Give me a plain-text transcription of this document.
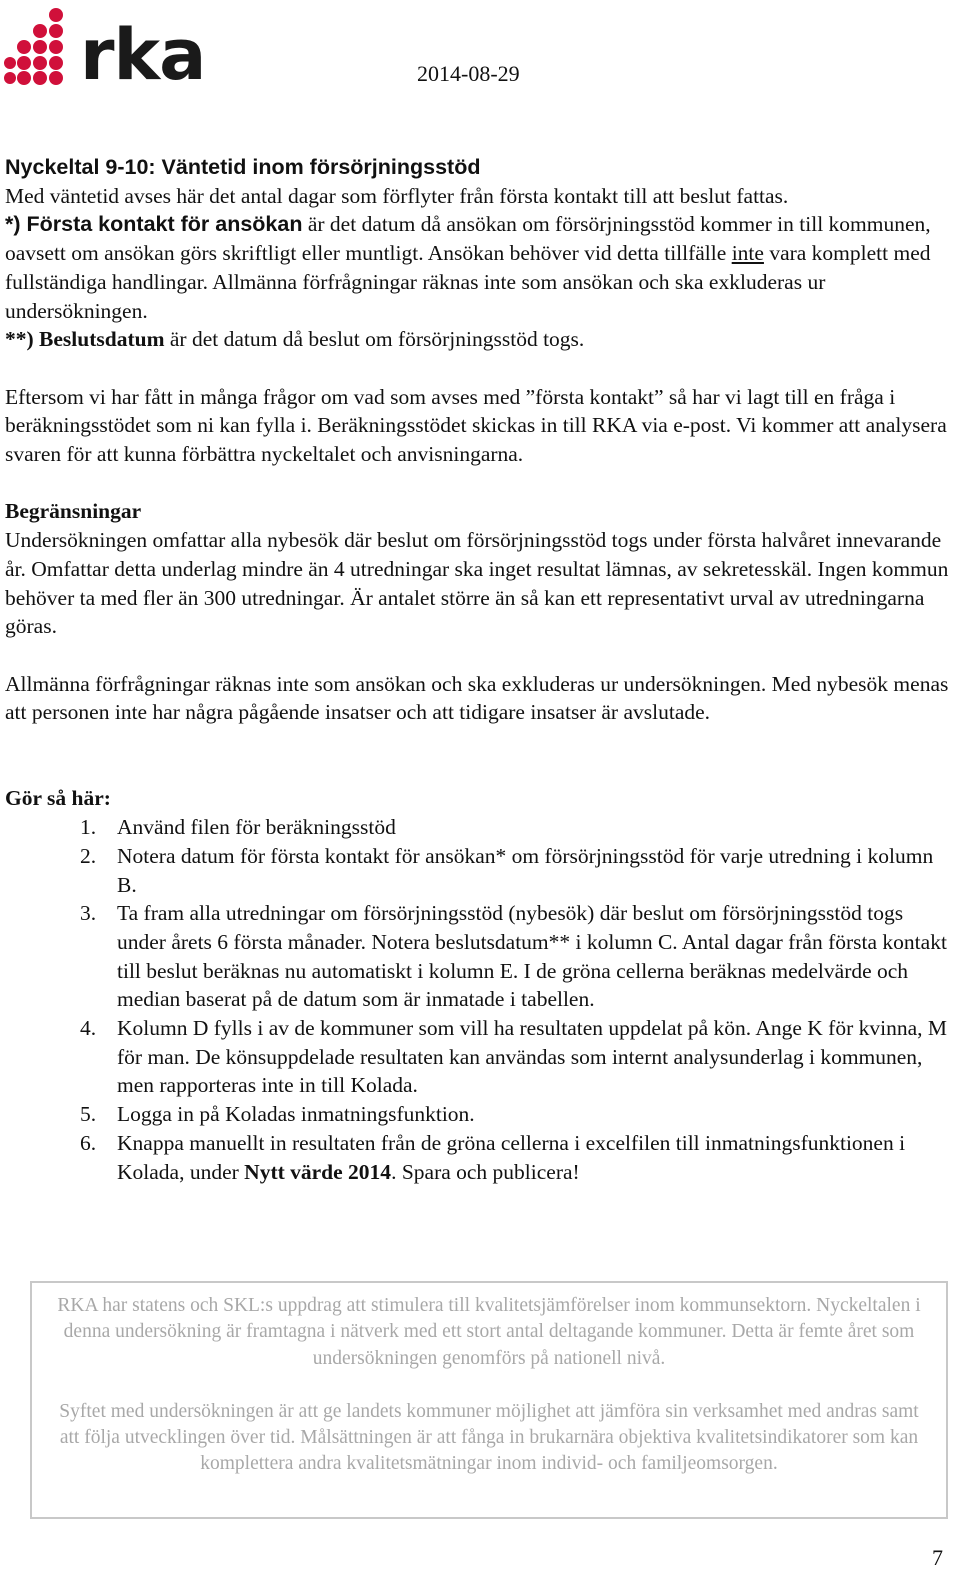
rka	2014-08-29

Nyckeltal 9-10: Väntetid inom försörjningsstöd

Med väntetid avses här det antal dagar som förflyter från första kontakt till att beslut fattas.

*) Första kontakt för ansökan är det datum då ansökan om försörjningsstöd kommer in till kommunen, oavsett om ansökan görs skriftligt eller muntligt. Ansökan behöver vid detta tillfälle inte vara komplett med fullständiga handlingar. Allmänna förfrågningar räknas inte som ansökan och ska exkluderas ur undersökningen.

**) Beslutsdatum är det datum då beslut om försörjningsstöd togs.

Eftersom vi har fått in många frågor om vad som avses med ”första kontakt” så har vi lagt till en fråga i beräkningsstödet som ni kan fylla i. Beräkningsstödet skickas in till RKA via e-post. Vi kommer att analysera svaren för att kunna förbättra nyckeltalet och anvisningarna.

Begränsningar

Undersökningen omfattar alla nybesök där beslut om försörjningsstöd togs under första halvåret innevarande år. Omfattar detta underlag mindre än 4 utredningar ska inget resultat lämnas, av sekretesskäl. Ingen kommun behöver ta med fler än 300 utredningar. Är antalet större än så kan ett representativt urval av utredningarna göras.

Allmänna förfrågningar räknas inte som ansökan och ska exkluderas ur undersökningen. Med nybesök menas att personen inte har några pågående insatser och att tidigare insatser är avslutade.

Gör så här:

1. Använd filen för beräkningsstöd
2. Notera datum för första kontakt för ansökan* om försörjningsstöd för varje utredning i kolumn B.
3. Ta fram alla utredningar om försörjningsstöd (nybesök) där beslut om försörjningsstöd togs under årets 6 första månader. Notera beslutsdatum** i kolumn C. Antal dagar från första kontakt till beslut beräknas nu automatiskt i kolumn E. I de gröna cellerna beräknas medelvärde och median baserat på de datum som är inmatade i tabellen.
4. Kolumn D fylls i av de kommuner som vill ha resultaten uppdelat på kön. Ange K för kvinna, M för man. De könsuppdelade resultaten kan användas som internt analysunderlag i kommunen, men rapporteras inte in till Kolada.
5. Logga in på Koladas inmatningsfunktion.
6. Knappa manuellt in resultaten från de gröna cellerna i excelfilen till inmatningsfunktionen i Kolada, under Nytt värde 2014. Spara och publicera!

RKA har statens och SKL:s uppdrag att stimulera till kvalitetsjämförelser inom kommunsektorn. Nyckeltalen i denna undersökning är framtagna i nätverk med ett stort antal deltagande kommuner. Detta är femte året som undersökningen genomförs på nationell nivå.

Syftet med undersökningen är att ge landets kommuner möjlighet att jämföra sin verksamhet med andras samt att följa utvecklingen över tid. Målsättningen är att fånga in brukarnära objektiva kvalitetsindikatorer som kan komplettera andra kvalitetsmätningar inom individ- och familjeomsorgen.

7
